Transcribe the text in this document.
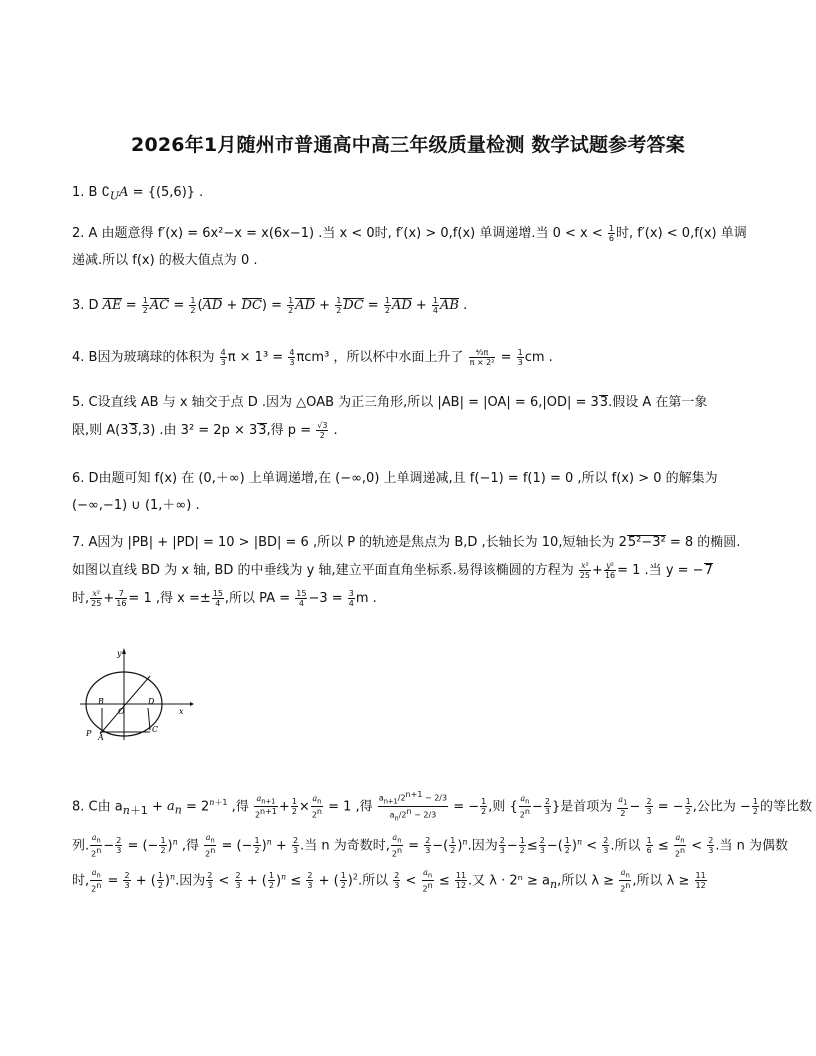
2026年1月随州市普通高中高三年级质量检测 数学试题参考答案
1. B $∁_UA = \{(5,6)\}$ .
2. A 由题意得 f′(x) = 6x²−x = x(6x−1) .当 x < 0时, f′(x) > 0,f(x) 单调递增.当 $0 < x < \frac{1}{6}$ 时, f′(x) < 0,f(x) 单调
递减.所以 f(x) 的极大值点为 0 .
3. D AE = $\frac{1}{2}$ AC = $\frac{1}{2} (AD + DC) = \frac{1}{2}$ AD + $\frac{1}{2}$ DC = $\frac{1}{2}$ AD + $\frac{1}{4}$ AB .
4. B因为玻璃球的体积为 $\frac{4}{3}$ $\pi \times 1^3 = \frac{4}{3} \pi cm^3$ ，所以杯中水面上升了 $\frac{\text{⁴⁄₃π}}{\text{π × 2²}} = \frac{1}{3}$ cm .
5. C设直线 AB 与 x 轴交于点 D .因为 △OAB 为正三角形,所以 |AB| = |OA| = 6,|OD| = 33.假设 A 在第一象
限,则 A(33,3) .由 3² = 2p × 33,得 $p = \frac{√3}{2}$ .
6. D由题可知 f(x) 在 (0,＋∞) 上单调递增,在 (−∞,0) 上单调递减,且 f(−1) = f(1) = 0 ,所以 f(x) > 0 的解集为
(−∞,−1) ∪ (1,＋∞) .
7. A因为 |PB| + |PD| = 10 > |BD| = 6 ,所以 P 的轨迹是焦点为 B,D ,长轴长为 10,短轴长为 25²−3² = 8 的椭圆.
如图以直线 BD 为 x 轴, BD 的中垂线为 y 轴,建立平面直角坐标系.易得该椭圆的方程为 $\frac{\text{x²}}{25} + \frac{\text{y²}}{16} = 1$ .当 y = −7
时, $\frac{\text{x²}}{25} + \frac{7}{16} = 1$ ,得 $x =\pm \frac{15}{4}$ ,所以 PA = $\frac{15}{4} -3 = \frac{3}{4}$ m .
y
x
O
B	D
P A
C
8. C由 $a_{n+1} + a_n = 2^{n+1}$ ,得 $\frac{a_{n+1}}{2^{n+1}} + \frac{1}{2} \times \frac{a_n}{2^n} = 1$ ,得 $\frac{a_{n+1}/2^{n+1} - 2/3}{a_n/2^n - 2/3}$ = − $\frac{1}{2}$ ,则 { $\frac{a_n}{2^n} - \frac{2}{3}$ }是首项为 $\frac{a_1}{2} - \frac{2}{3}$ = − $\frac{1}{2}$ ,公比为 − $\frac{1}{2}$ 的等比数
列. $\frac{a_n}{2^n} - \frac{2}{3}$ = (− $\frac{1}{2} )^n$ ,得 $\frac{a_n}{2^n}$ = (− $\frac{1}{2} )^n + \frac{2}{3}$ .当 n 为奇数时, $\frac{a_n}{2^n} = \frac{2}{3}$ −( $\frac{1}{2} )^n$.因为 $\frac{2}{3} - \frac{1}{2} \le \frac{2}{3}$ −( $\frac{1}{2} )^n < \frac{2}{3}$ .所以 $\frac{1}{6} \le \frac{a_n}{2^n} < \frac{2}{3}$ .当 n 为偶数
时, $\frac{a_n}{2^n} = \frac{2}{3}$ + ( $\frac{1}{2} )^n$.因为 $\frac{2}{3} < \frac{2}{3}$ + ( $\frac{1}{2} )^n \le \frac{2}{3}$ + ( $\frac{1}{2} )^2$.所以 $\frac{2}{3} < \frac{a_n}{2^n} \le \frac{11}{12}$ .又 $\lambda \cdot 2^n \ge a_n$,所以 $\lambda \ge \frac{a_n}{2^n}$ ,所以 $\lambda \ge \frac{11}{12}$
